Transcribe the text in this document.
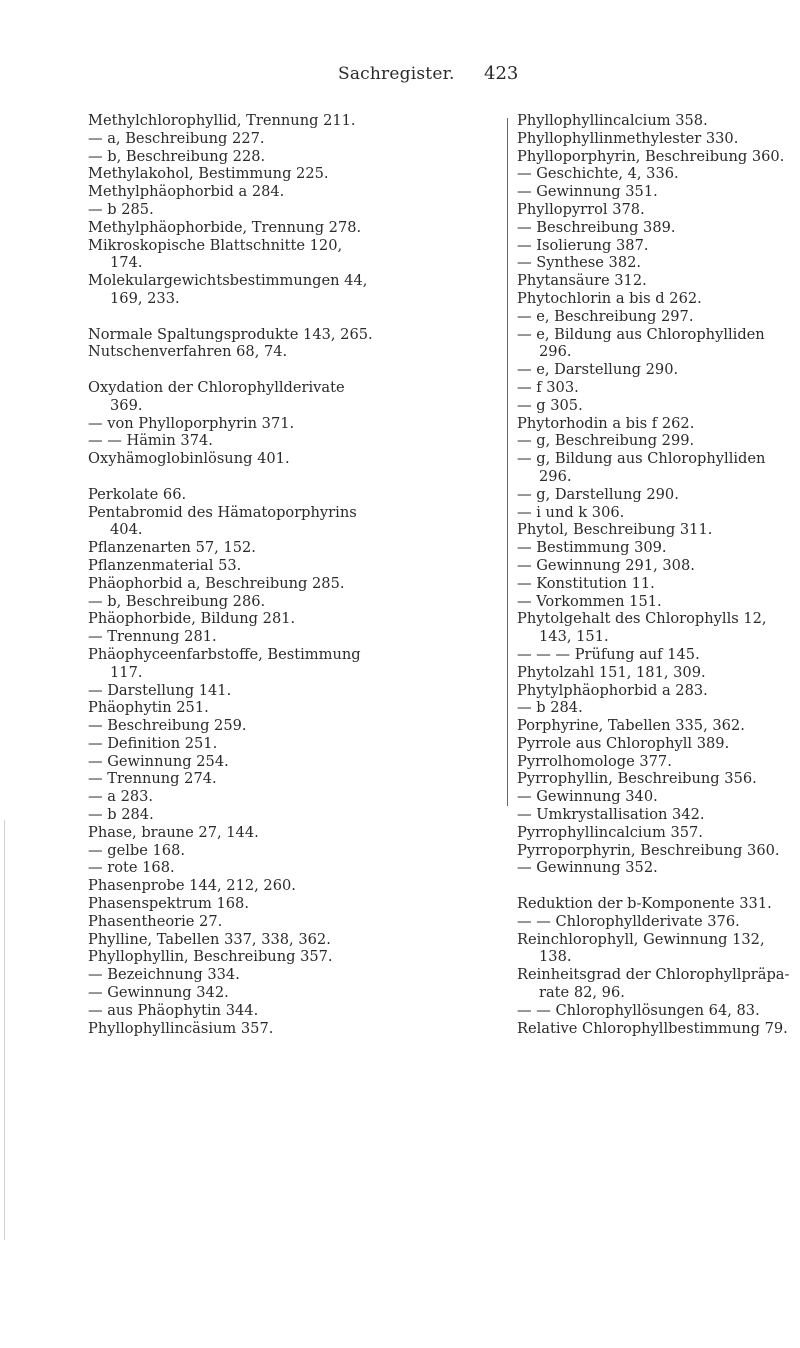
Sachregister. 423
Methylchlorophyllid, Trennung 211.
— a, Beschreibung 227.
— b, Beschreibung 228.
Methylakohol, Bestimmung 225.
Methylphäophorbid a 284.
— b 285.
Methylphäophorbide, Trennung 278.
Mikroskopische Blattschnitte 120,
174.
Molekulargewichtsbestimmungen 44,
169, 233.
Normale Spaltungsprodukte 143, 265.
Nutschenverfahren 68, 74.
Oxydation der Chlorophyllderivate
369.
— von Phylloporphyrin 371.
— — Hämin 374.
Oxyhämoglobinlösung 401.
Perkolate 66.
Pentabromid des Hämatoporphyrins
404.
Pflanzenarten 57, 152.
Pflanzenmaterial 53.
Phäophorbid a, Beschreibung 285.
— b, Beschreibung 286.
Phäophorbide, Bildung 281.
— Trennung 281.
Phäophyceenfarbstoffe, Bestimmung
117.
— Darstellung 141.
Phäophytin 251.
— Beschreibung 259.
— Definition 251.
— Gewinnung 254.
— Trennung 274.
— a 283.
— b 284.
Phase, braune 27, 144.
— gelbe 168.
— rote 168.
Phasenprobe 144, 212, 260.
Phasenspektrum 168.
Phasentheorie 27.
Phylline, Tabellen 337, 338, 362.
Phyllophyllin, Beschreibung 357.
— Bezeichnung 334.
— Gewinnung 342.
— aus Phäophytin 344.
Phyllophyllincäsium 357.
Phyllophyllincalcium 358.
Phyllophyllinmethylester 330.
Phylloporphyrin, Beschreibung 360.
— Geschichte, 4, 336.
— Gewinnung 351.
Phyllopyrrol 378.
— Beschreibung 389.
— Isolierung 387.
— Synthese 382.
Phytansäure 312.
Phytochlorin a bis d 262.
— e, Beschreibung 297.
— e, Bildung aus Chlorophylliden
296.
— e, Darstellung 290.
— f 303.
— g 305.
Phytorhodin a bis f 262.
— g, Beschreibung 299.
— g, Bildung aus Chlorophylliden
296.
— g, Darstellung 290.
— i und k 306.
Phytol, Beschreibung 311.
— Bestimmung 309.
— Gewinnung 291, 308.
— Konstitution 11.
— Vorkommen 151.
Phytolgehalt des Chlorophylls 12,
143, 151.
— — — Prüfung auf 145.
Phytolzahl 151, 181, 309.
Phytylphäophorbid a 283.
— b 284.
Porphyrine, Tabellen 335, 362.
Pyrrole aus Chlorophyll 389.
Pyrrolhomologe 377.
Pyrrophyllin, Beschreibung 356.
— Gewinnung 340.
— Umkrystallisation 342.
Pyrrophyllincalcium 357.
Pyrroporphyrin, Beschreibung 360.
— Gewinnung 352.
Reduktion der b-Komponente 331.
— — Chlorophyllderivate 376.
Reinchlorophyll, Gewinnung 132,
138.
Reinheitsgrad der Chlorophyllpräpa-
rate 82, 96.
— — Chlorophyllösungen 64, 83.
Relative Chlorophyllbestimmung 79.
